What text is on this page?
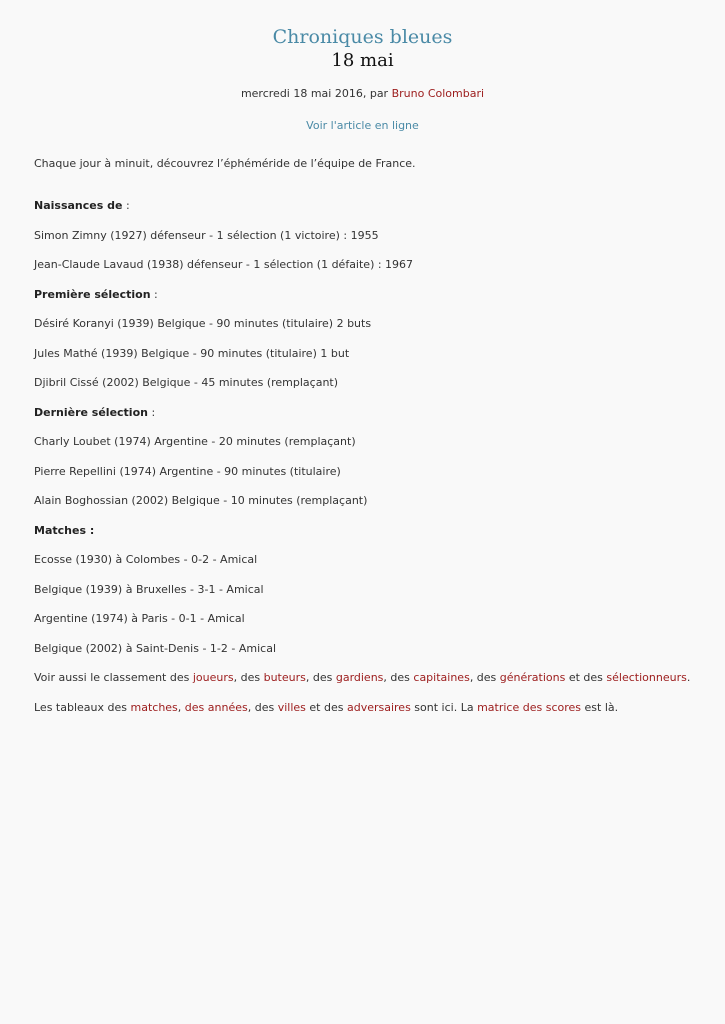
Chroniques bleues
18 mai
mercredi 18 mai 2016, par Bruno Colombari
Voir l'article en ligne

Chaque jour à minuit, découvrez l’éphéméride de l’équipe de France.

Naissances de :

Simon Zimny (1927) défenseur - 1 sélection (1 victoire) : 1955

Jean-Claude Lavaud (1938) défenseur - 1 sélection (1 défaite) : 1967

Première sélection :

Désiré Koranyi (1939) Belgique - 90 minutes (titulaire) 2 buts

Jules Mathé (1939) Belgique - 90 minutes (titulaire) 1 but

Djibril Cissé (2002) Belgique - 45 minutes (remplaçant)

Dernière sélection :

Charly Loubet (1974) Argentine - 20 minutes (remplaçant)

Pierre Repellini (1974) Argentine - 90 minutes (titulaire)

Alain Boghossian (2002) Belgique - 10 minutes (remplaçant)

Matches :

Ecosse (1930) à Colombes - 0-2 - Amical

Belgique (1939) à Bruxelles - 3-1 - Amical

Argentine (1974) à Paris - 0-1 - Amical

Belgique (2002) à Saint-Denis - 1-2 - Amical

Voir aussi le classement des joueurs, des buteurs, des gardiens, des capitaines, des générations et des sélectionneurs.

Les tableaux des matches, des années, des villes et des adversaires sont ici. La matrice des scores est là.
